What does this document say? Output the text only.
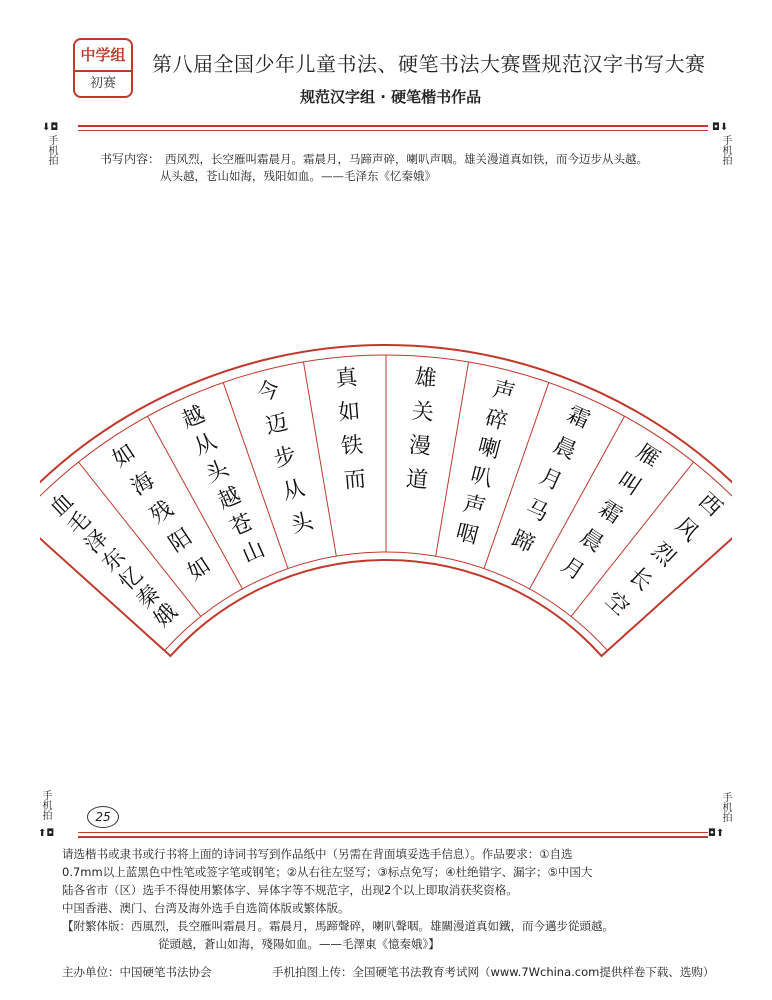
中学组
初赛
第八届全国少年儿童书法、硬笔书法大赛暨规范汉字书写大赛
规范汉字组 · 硬笔楷书作品
⬇◘
手机拍
◘⬇
手机拍
书写内容： 西风烈，长空雁叫霜晨月。霜晨月，马蹄声碎，喇叭声咽。雄关漫道真如铁，而今迈步从头越。
从头越，苍山如海，残阳如血。——毛泽东《忆秦娥》
血
毛
泽
东
忆
秦
娥
如
海
残
阳
如
越
从
头
越
苍
山
今
迈
步
从
头
真
如
铁
而
雄
关
漫
道
声
碎
喇
叭
声
咽
霜
晨
月
马
蹄
雁
叫
霜
晨
月
西
风
烈
长
空
25
手机拍
⬆◘
手机拍
◘⬆
请选楷书或隶书或行书将上面的诗词书写到作品纸中（另需在背面填妥选手信息）。作品要求：①自选
0.7mm以上蓝黑色中性笔或签字笔或钢笔；②从右往左竖写；③标点免写；④杜绝错字、漏字；⑤中国大
陆各省市（区）选手不得使用繁体字、异体字等不规范字，出现2个以上即取消获奖资格。
中国香港、澳门、台湾及海外选手自选简体版或繁体版。
【附繁体版：西風烈，長空雁叫霜晨月。霜晨月，馬蹄聲碎，喇叭聲咽。雄關漫道真如鐵，而今邁步從頭越。
從頭越，蒼山如海，殘陽如血。——毛澤東《憶秦娥》】
主办单位：中国硬笔书法协会	手机拍图上传：全国硬笔书法教育考试网（www.7Wchina.com提供样卷下载、选购）
